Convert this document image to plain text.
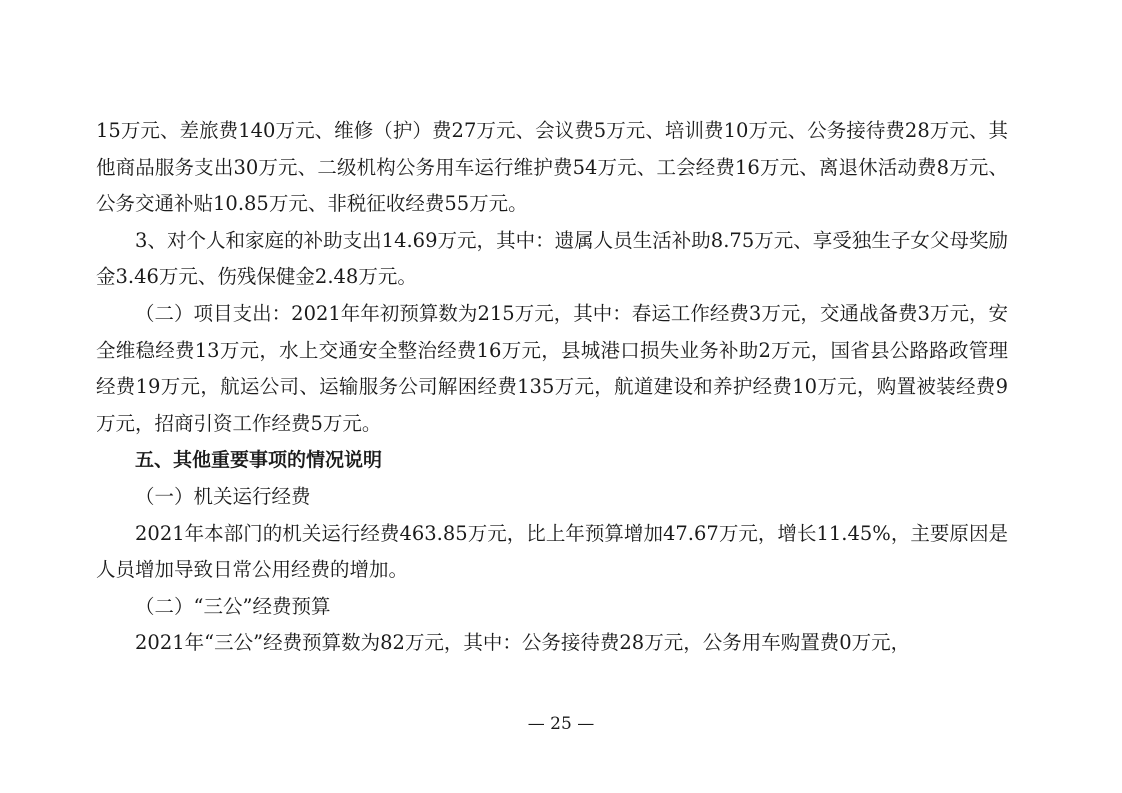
15万元、差旅费140万元、维修（护）费27万元、会议费5万元、培训费10万元、公务接待费28万元、其他商品服务支出30万元、二级机构公务用车运行维护费54万元、工会经费16万元、离退休活动费8万元、公务交通补贴10.85万元、非税征收经费55万元。

3、对个人和家庭的补助支出14.69万元，其中：遗属人员生活补助8.75万元、享受独生子女父母奖励金3.46万元、伤残保健金2.48万元。

（二）项目支出：2021年年初预算数为215万元，其中：春运工作经费3万元，交通战备费3万元，安全维稳经费13万元，水上交通安全整治经费16万元，县城港口损失业务补助2万元，国省县公路路政管理经费19万元，航运公司、运输服务公司解困经费135万元，航道建设和养护经费10万元，购置被装经费9万元，招商引资工作经费5万元。

五、其他重要事项的情况说明

（一）机关运行经费

2021年本部门的机关运行经费463.85万元，比上年预算增加47.67万元，增长11.45%，主要原因是人员增加导致日常公用经费的增加。

（二）“三公”经费预算

2021年“三公”经费预算数为82万元，其中：公务接待费28万元，公务用车购置费0万元，

— 25 —
